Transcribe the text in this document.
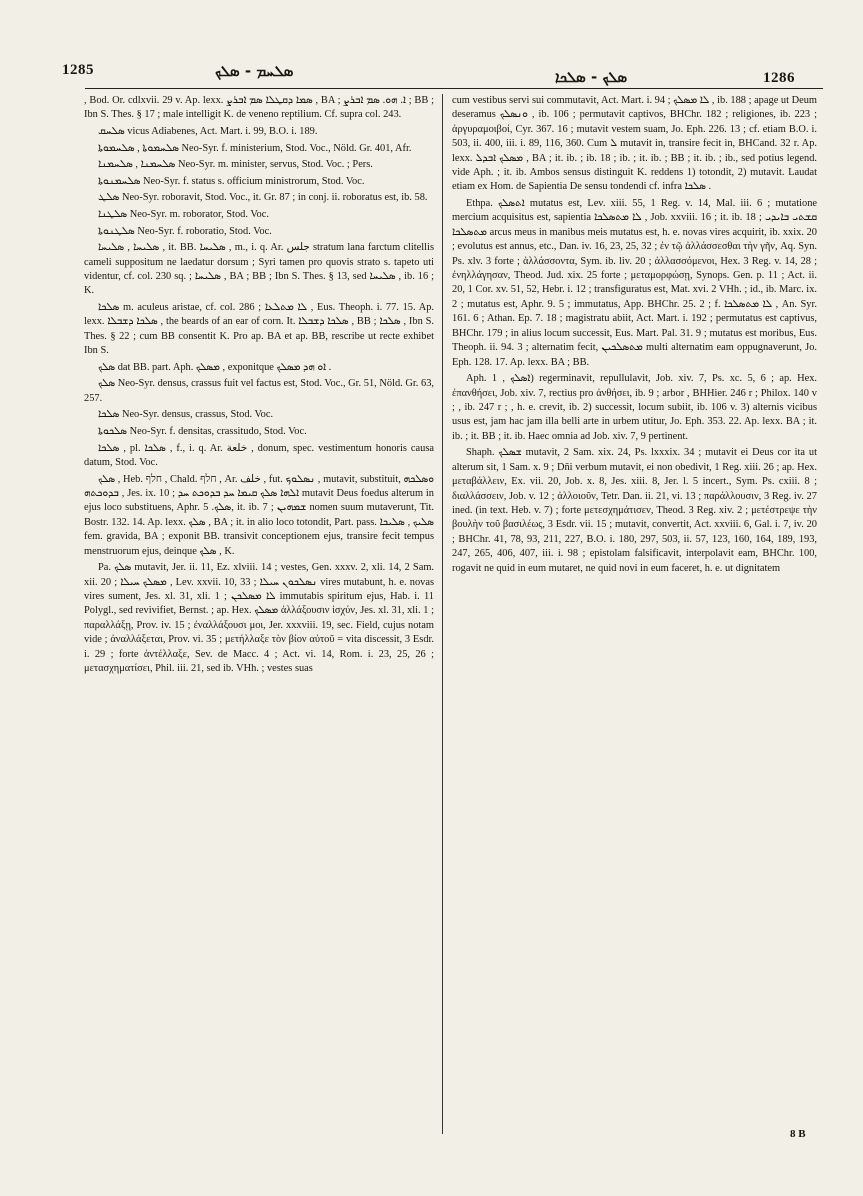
1285	ܣܠܚܡ - ܣܠܟ	ܣܠܟ - ܣܠܟܐ	1286

, Bod. Or. cdlxvii. 29 v. Ap. lexx. ܣܡܐ ܕܩܛܠܐ ܣܡ ܐܒܪܨ , BA ; ܐ. ܗܘ. ܣܡ ܐܒܪܨ ; BB ; Ibn S. Thes. § 17 ; male intelligit K. de veneno reptilium. Cf. supra col. 243.

ܣܠܚܩ vicus Adiabenes, Act. Mart. i. 99, B.O. i. 189.

ܣܠܚܡܘܬܐ , ܣܠܚܡܘܬܐ Neo-Syr. f. ministerium, Stod. Voc., Nöld. Gr. 401, Afr.

ܣܠܚܡܢܐ , ܣܠܚܡܢܐ Neo-Syr. m. minister, servus, Stod. Voc. ; Pers.

ܣܠܚܡܢܘܬܐ Neo-Syr. f. status s. officium ministrorum, Stod. Voc.

ܣܠܛ Neo-Syr. roboravit, Stod. Voc., it. Gr. 87 ; in conj. ii. roboratus est, ib. 58.

ܣܠܛܢܐ Neo-Syr. m. roborator, Stod. Voc.

ܣܠܛܢܘܬܐ Neo-Syr. f. roboratio, Stod. Voc.

ܣܠܝܚܐ , ܣܠܝܚܐ , it. BB. ܣܠܝܚܐ , m., i. q. Ar. جلس stratum lana farctum clitellis cameli suppositum ne laedatur dorsum ; Syri tamen pro quovis strato s. tapeto uti videntur, cf. col. 230 sq. ; ܣܠܝܚܐ , BA ; BB ; Ibn S. Thes. § 13, sed ܣܠܝܚܐ , ib. 16 ; K.

ܣܠܟܐ m. aculeus aristae, cf. col. 286 ; ܠܐ ܡܬܠܥܐ , Eus. Theoph. i. 77. 15. Ap. lexx. ܣܠܟܐ ܕܫܒܠܐ , the beards of an ear of corn. It. ܣܠܟܐ ܕܫܒܠܐ , BB ; ܣܠܟܐ , Ibn S. Thes. § 22 ; cum BB consentit K. Pro ap. BA et ap. BB, rescribe ut recte exhibet Ibn S.

ܣܠܟ dat BB. part. Aph. ܡܣܠܟ , exponitque ܐܘ ܗܕ ܡܣܠܟ .

ܣܠܟ Neo-Syr. densus, crassus fuit vel factus est, Stod. Voc., Gr. 51, Nöld. Gr. 63, 257.

ܣܠܟܐ Neo-Syr. densus, crassus, Stod. Voc.

ܣܠܟܘܬܐ Neo-Syr. f. densitas, crassitudo, Stod. Voc.

ܣܠܟܐ , pl. ܣܠܟܐ , f., i. q. Ar. خلعة , donum, spec. vestimentum honoris causa datum, Stod. Voc.

ܣܠܟ , Heb. חלף , Chald. חלף , Ar. خلف , fut. ܢܣܠܘܟ , mutavit, substituit, ܘܣܠܟܗ ܒܕܘܟܬܗ , Jes. ix. 10 ; ܐܠܗܐ ܣܠܟ ܩܝܡܐ ܚܕ ܒܕܘܟܬ ܚܕ mutavit Deus foedus alterum in ejus loco substituens, Aphr. ܣܠܟ. 5, it. ib. 7 ; ܫܡܗܝܢ nomen suum mutaverunt, Tit. Bostr. 132. 14. Ap. lexx. ܣܠܟ , BA ; it. in alio loco totondit, Part. pass. ܣܠܝܟ , ܣܠܝܟܐ fem. gravida, BA ; exponit BB. transivit conceptionem ejus, transire fecit tempus menstruorum ejus, deinque ܣܠܟ , K.

Pa. ܣܠܟ mutavit, Jer. ii. 11, Ez. xlviii. 14 ; vestes, Gen. xxxv. 2, xli. 14, 2 Sam. xii. 20 ; ܡܣܠܟ ܚܝܠܐ , Lev. xxvii. 10, 33 ; ܢܣܠܟܘܢ ܚܝܠܐ vires mutabunt, h. e. novas vires sument, Jes. xl. 31, xli. 1 ; ܠܐ ܡܣܠܟܢ immutabis spiritum ejus, Hab. i. 11 Polygl., sed revivifiet, Bernst. ; ap. Hex. ܡܣܠܟ ἀλλάξουσιν ἰσχύν, Jes. xl. 31, xli. 1 ; παραλλάξῃ, Prov. iv. 15 ; ἐναλλάξουσι μοι, Jer. xxxviii. 19, sec. Field, cujus notam vide ; ἀναλλάξεται, Prov. vi. 35 ; μετήλλαξε τὸν βίον αὐτοῦ = vita discessit, 3 Esdr. i. 29 ; forte ἀντέλλαξε, Sev. de Macc. 4 ; Act. vi. 14, Rom. i. 23, 25, 26 ; μετασχηματίσει, Phil. iii. 21, sed ib. VHh. ; vestes suas

cum vestibus servi sui commutavit, Act. Mart. i. 94 ; ܠܐ ܡܣܠܟ , ib. 188 ; apage ut Deum deseramus ܘܢܣܠܟ , ib. 106 ; permutavit captivos, BHChr. 182 ; religiones, ib. 223 ; ἀργυραμοιβοί, Cyr. 367. 16 ; mutavit vestem suam, Jo. Eph. 226. 13 ; cf. etiam B.O. i. 503, ii. 400, iii. i. 89, 116, 360. Cum ܠ mutavit in, transire fecit in, BHCand. 32 r. Ap. lexx. ܡܣܠܟ ܐܒܕܠ , BA ; it. ib. ; ib. 18 ; ib. ; it. ib. ; BB ; it. ib. ; ib., sed potius legend. vide Aph. ; it. ib. Ambos sensus distinguit K. reddens 1) totondit, 2) mutavit. Laudat etiam ex Hom. de Sapientia De sensu tondendi cf. infra ܣܠܟܐ .

Ethpa. ܐܬܣܠܟ mutatus est, Lev. xiii. 55, 1 Reg. v. 14, Mal. iii. 6 ; mutatione mercium acquisitus est, sapientia ܠܐ ܡܬܣܠܟܐ , Job. xxviii. 16 ; it. ib. 18 ; ܩܫܬܝ ܒܐܝܕܝ ܡܬܣܠܟܐ arcus meus in manibus meis mutatus est, h. e. novas vires acquirit, ib. xxix. 20 ; evolutus est annus, etc., Dan. iv. 16, 23, 25, 32 ; ἐν τῷ ἀλλάσσεσθαι τὴν γῆν, Aq. Syn. Ps. xlv. 3 forte ; ἀλλάσσοντα, Sym. ib. liv. 20 ; ἀλλασσόμενοι, Hex. 3 Reg. v. 14, 28 ; ἐνηλλάγησαν, Theod. Jud. xix. 25 forte ; μεταμορφώσῃ, Synops. Gen. p. 11 ; Act. ii. 20, 1 Cor. xv. 51, 52, Hebr. i. 12 ; transfiguratus est, Mat. xvi. 2 VHh. ; id., ib. Marc. ix. 2 ; mutatus est, Aphr. 9. 5 ; immutatus, App. BHChr. 25. 2 ; f. ܠܐ ܡܬܣܠܟܐ , An. Syr. 161. 6 ; Athan. Ep. 7. 18 ; magistratu abiit, Act. Mart. i. 192 ; permutatus est captivus, BHChr. 179 ; in alius locum successit, Eus. Mart. Pal. 31. 9 ; mutatus est moribus, Eus. Theoph. ii. 94. 3 ; alternatim fecit, ܡܬܣܠܟܝܢ multi alternatim eam oppugnaverunt, Jo. Eph. 128. 17. Ap. lexx. BA ; BB.

Aph. ܐܣܠܟ , 1) regerminavit, repullulavit, Job. xiv. 7, Ps. xc. 5, 6 ; ap. Hex. ἐπανθήσει, Job. xiv. 7, rectius pro ἀνθήσει, ib. 9 ; arbor , BHHier. 246 r ; Philox. 140 v ; , ib. 247 r ; , h. e. crevit, ib. 2) successit, locum subiit, ib. 106 v. 3) alternis vicibus usus est, jam hac jam illa belli arte in urbem utitur, Jo. Eph. 353. 22. Ap. lexx. BA ; it. ib. ; it. BB ; it. ib. Haec omnia ad Job. xiv. 7, 9 pertinent.

Shaph. ܫܣܠܟ mutavit, 2 Sam. xix. 24, Ps. lxxxix. 34 ; mutavit ei Deus cor ita ut alterum sit, 1 Sam. x. 9 ; Dñi verbum mutavit, ei non obedivit, 1 Reg. xiii. 26 ; ap. Hex. μεταβάλλειν, Ex. vii. 20, Job. x. 8, Jes. xiii. 8, Jer. l. 5 incert., Sym. Ps. cxiii. 8 ; διαλλάσσειν, Job. v. 12 ; ἀλλοιοῦν, Tetr. Dan. ii. 21, vi. 13 ; παράλλουσιν, 3 Reg. iv. 27 ined. (in text. Heb. v. 7) ; forte μετεσχημάτισεν, Theod. 3 Reg. xiv. 2 ; μετέστρεψε τὴν βουλὴν τοῦ βασιλέως, 3 Esdr. vii. 15 ; mutavit, convertit, Act. xxviii. 6, Gal. i. 7, iv. 20 ; BHChr. 41, 78, 93, 211, 227, B.O. i. 180, 297, 503, ii. 57, 123, 160, 164, 189, 193, 247, 265, 406, 407, iii. i. 98 ; epistolam falsificavit, interpolavit eam, BHChr. 100, rogavit ne quid in eum mutaret, ne quid novi in eum faceret, h. e. ut dignitatem

8 B
